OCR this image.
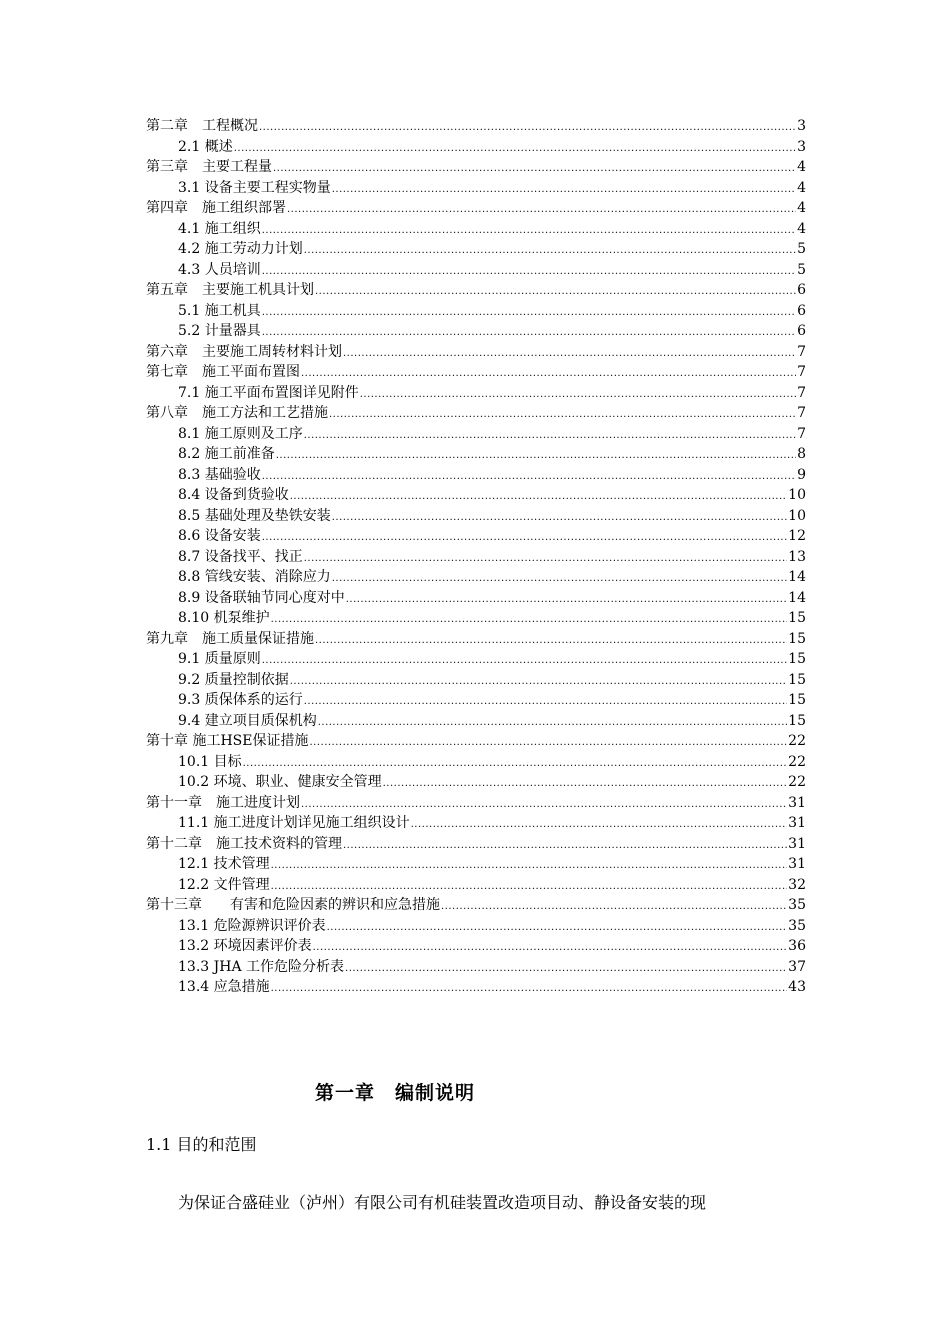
第二章　工程概况 .....	3
2.1 概述 .....	3
第三章　主要工程量 .....	4
3.1 设备主要工程实物量 .....	4
第四章　施工组织部署 .....	4
4.1 施工组织 .....	4
4.2 施工劳动力计划 .....	5
4.3 人员培训 .....	5
第五章　主要施工机具计划 .....	6
5.1 施工机具 .....	6
5.2 计量器具 .....	6
第六章　主要施工周转材料计划 .....	7
第七章　施工平面布置图 .....	7
7.1 施工平面布置图详见附件 .....	7
第八章　施工方法和工艺措施 .....	7
8.1 施工原则及工序 .....	7
8.2 施工前准备 .....	8
8.3 基础验收 .....	9
8.4 设备到货验收 .....	10
8.5 基础处理及垫铁安装 .....	10
8.6 设备安装 .....	12
8.7 设备找平、找正 .....	13
8.8 管线安装、消除应力 .....	14
8.9 设备联轴节同心度对中 .....	14
8.10 机泵维护 .....	15
第九章　施工质量保证措施 .....	15
9.1 质量原则 .....	15
9.2 质量控制依据 .....	15
9.3 质保体系的运行 .....	15
9.4 建立项目质保机构 .....	15
第十章 施工HSE保证措施 .....	22
10.1 目标 .....	22
10.2 环境、职业、健康安全管理 .....	22
第十一章　施工进度计划 .....	31
11.1 施工进度计划详见施工组织设计 .....	31
第十二章　施工技术资料的管理 .....	31
12.1 技术管理 .....	31
12.2 文件管理 .....	32
第十三章　　有害和危险因素的辨识和应急措施 .....	35
13.1 危险源辨识评价表 .....	35
13.2 环境因素评价表 .....	36
13.3 JHA 工作危险分析表 .....	37
13.4 应急措施 .....	43
第一章　编制说明
1.1 目的和范围
为保证合盛硅业（泸州）有限公司有机硅装置改造项目动、静设备安装的现
